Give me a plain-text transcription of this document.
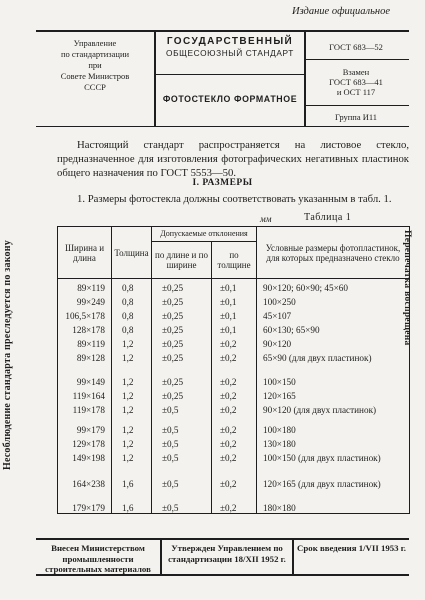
Издание официальное
Управление
по стандартизации
при
Совете Министров
СССР
ГОСУДАРСТВЕННЫЙ
ОБЩЕСОЮЗНЫЙ СТАНДАРТ
ФОТОСТЕКЛО ФОРМАТНОЕ
ГОСТ 683—52
Взамен
ГОСТ 683—41
и ОСТ 117
Группа И11
Настоящий стандарт распространяется на листовое стекло, предназначенное для изготовления фотографических негативных пластинок общего назначения по ГОСТ 5553—50.
I. РАЗМЕРЫ
1. Размеры фотостекла должны соответствовать указанным в табл. 1.
мм	Таблица 1
Ширина и длина	Толщина	Допускаемые отклонения		Условные размеры фотопластинок, для которых предназначено стекло
		по длине и по ширине	по толщине	
89×119	0,8	±0,25	±0,1	90×120; 60×90; 45×60
99×249	0,8	±0,25	±0,1	100×250
106,5×178	0,8	±0,25	±0,1	45×107
128×178	0,8	±0,25	±0,1	60×130; 65×90
89×119	1,2	±0,25	±0,2	90×120
89×128	1,2	±0,25	±0,2	65×90 (для двух пластинок)
99×149	1,2	±0,25	±0,2	100×150
119×164	1,2	±0,25	±0,2	120×165
119×178	1,2	±0,5	±0,2	90×120 (для двух пластинок)
99×179	1,2	±0,5	±0,2	100×180
129×178	1,2	±0,5	±0,2	130×180
149×198	1,2	±0,5	±0,2	100×150 (для двух пластинок)
164×238	1,6	±0,5	±0,2	120×165 (для двух пластинок)
179×179	1,6	±0,5	±0,2	180×180
Несоблюдение стандарта преследуется по закону	Перепечатка воспрещена
Внесен Министерством промышленности строительных материалов
Утвержден Управлением по стандартизации 18/XII 1952 г.
Срок введения 1/VII 1953 г.
